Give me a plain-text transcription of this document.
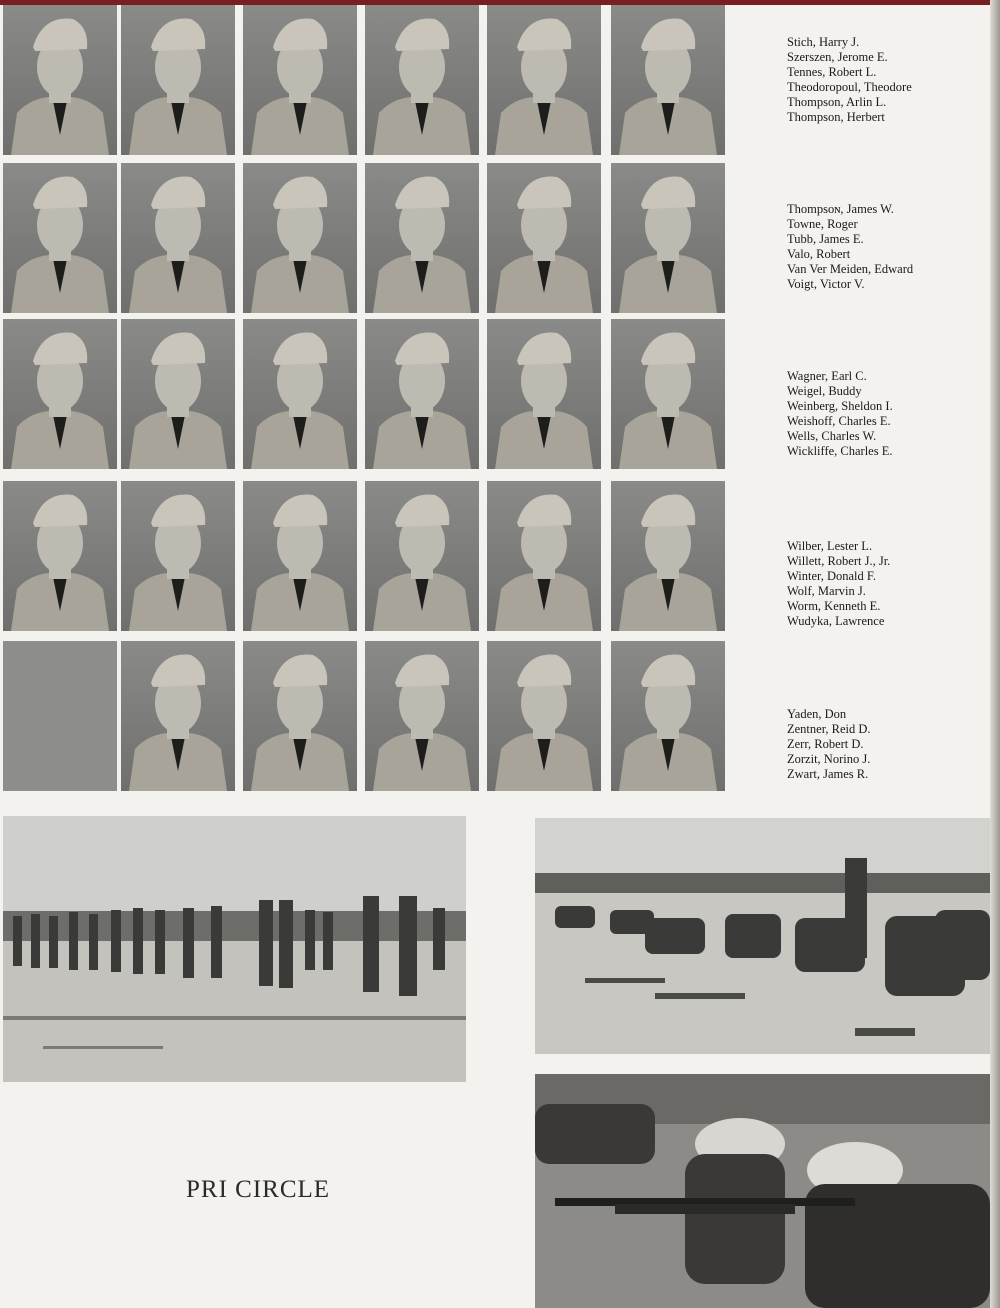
Stich, Harry J.
Szerszen, Jerome E.
Tennes, Robert L.
Theodoropoul, Theodore
Thompson, Arlin L.
Thompson, Herbert
Thompsoɴ, James W.
Towne, Roger
Tubb, James E.
Valo, Robert
Van Ver Meiden, Edward
Voigt, Victor V.
Wagner, Earl C.
Weigel, Buddy
Weinberg, Sheldon I.
Weishoff, Charles E.
Wells, Charles W.
Wickliffe, Charles E.
Wilber, Lester L.
Willett, Robert J., Jr.
Winter, Donald F.
Wolf, Marvin J.
Worm, Kenneth E.
Wudyka, Lawrence
Yaden, Don
Zentner, Reid D.
Zerr, Robert D.
Zorzit, Norino J.
Zwart, James R.
PRI CIRCLE
